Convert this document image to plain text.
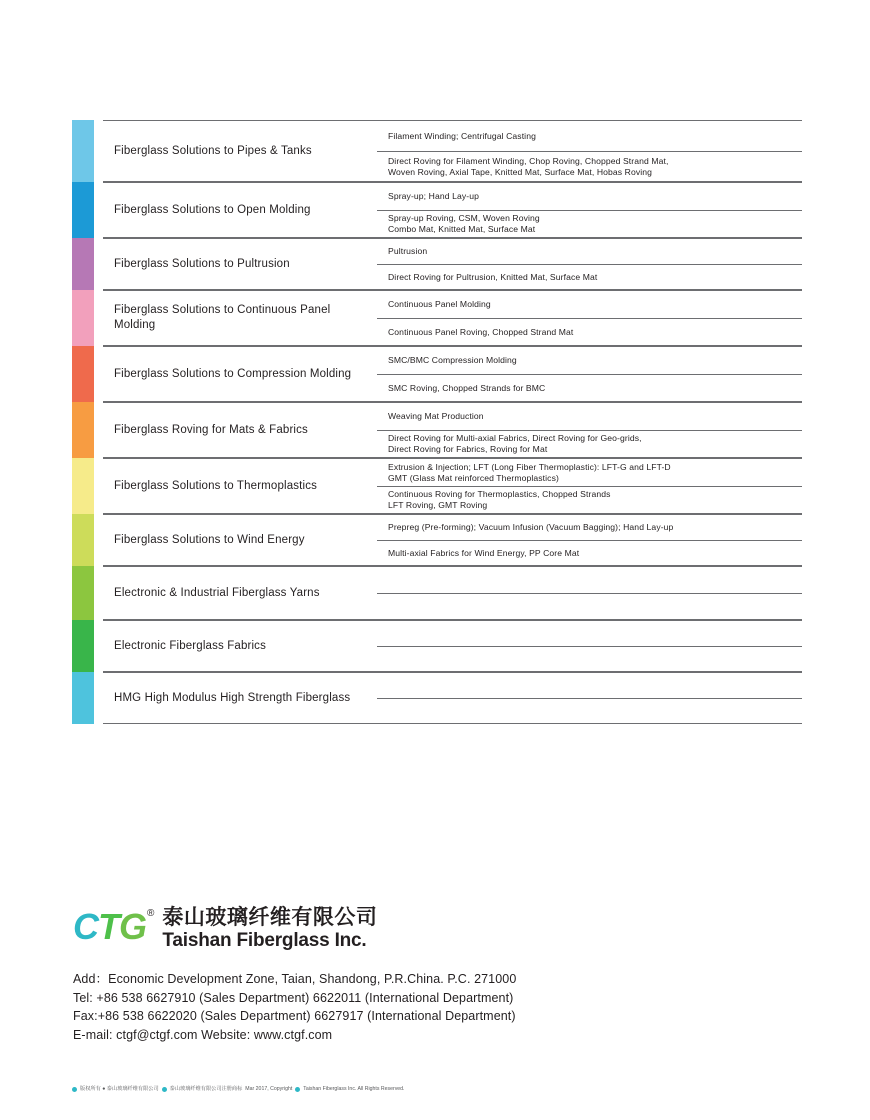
Fiberglass Solutions to Pipes & Tanks
Filament Winding; Centrifugal Casting
Direct Roving for Filament Winding, Chop Roving, Chopped Strand Mat,
Woven Roving, Axial Tape, Knitted Mat, Surface Mat, Hobas Roving
Fiberglass Solutions to Open Molding
Spray-up; Hand Lay-up
Spray-up Roving, CSM, Woven Roving
Combo Mat, Knitted Mat, Surface Mat
Fiberglass Solutions to Pultrusion
Pultrusion
Direct Roving for Pultrusion, Knitted Mat, Surface Mat
Fiberglass Solutions to Continuous Panel Molding
Continuous Panel Molding
Continuous Panel Roving, Chopped Strand Mat
Fiberglass Solutions to Compression Molding
SMC/BMC Compression Molding
SMC Roving, Chopped Strands for BMC
Fiberglass Roving for Mats & Fabrics
Weaving Mat Production
Direct Roving for Multi-axial Fabrics, Direct Roving for Geo-grids,
Direct Roving for Fabrics, Roving for Mat
Fiberglass Solutions to Thermoplastics
Extrusion & Injection; LFT (Long Fiber Thermoplastic): LFT-G and LFT-D
GMT (Glass Mat reinforced Thermoplastics)
Continuous Roving for Thermoplastics, Chopped Strands
LFT Roving, GMT Roving
Fiberglass Solutions to Wind Energy
Prepreg (Pre-forming); Vacuum Infusion (Vacuum Bagging); Hand Lay-up
Multi-axial Fabrics for Wind Energy, PP Core Mat
Electronic & Industrial Fiberglass Yarns
Electronic Fiberglass Fabrics
HMG High Modulus High Strength Fiberglass
CTG® 泰山玻璃纤维有限公司
Taishan Fiberglass Inc.
Add：Economic Development Zone, Taian, Shandong, P.R.China. P.C. 271000
Tel: +86 538 6627910 (Sales Department) 6622011 (International Department)
Fax:+86 538 6622020 (Sales Department) 6627917 (International Department)
E-mail: ctgf@ctgf.com Website: www.ctgf.com
版权所有 ● 泰山玻璃纤维有限公司 泰山玻璃纤维有限公司注册商标 Mar 2017, Copyright Taishan Fiberglass Inc. All Rights Reserved.
